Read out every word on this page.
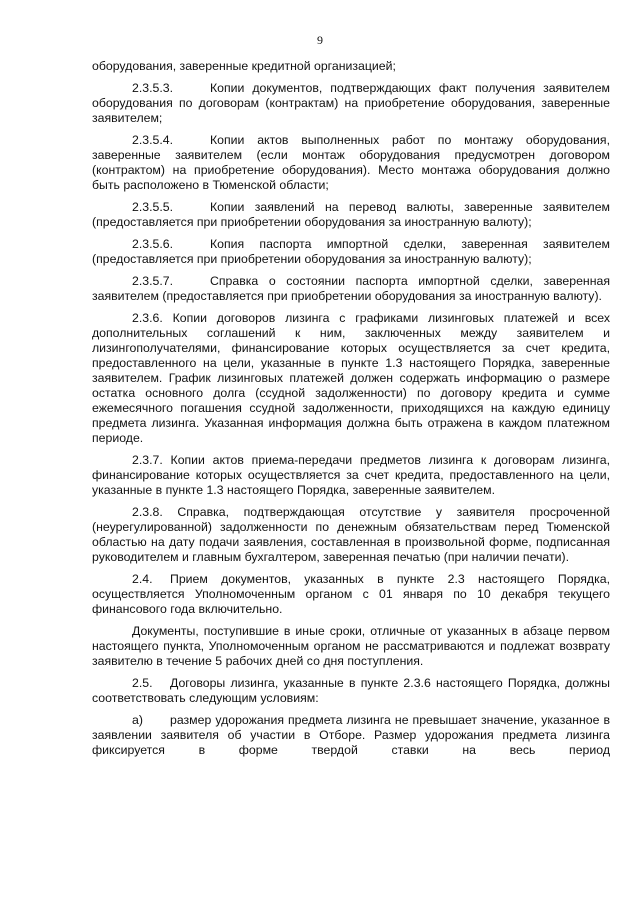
9

оборудования, заверенные кредитной организацией;

2.3.5.3.	Копии документов, подтверждающих факт получения заявителем оборудования по договорам (контрактам) на приобретение оборудования, заверенные заявителем;

2.3.5.4.	Копии актов выполненных работ по монтажу оборудования, заверенные заявителем (если монтаж оборудования предусмотрен договором (контрактом) на приобретение оборудования). Место монтажа оборудования должно быть расположено в Тюменской области;

2.3.5.5.	Копии заявлений на перевод валюты, заверенные заявителем (предоставляется при приобретении оборудования за иностранную валюту);

2.3.5.6.	Копия паспорта импортной сделки, заверенная заявителем (предоставляется при приобретении оборудования за иностранную валюту);

2.3.5.7.	Справка о состоянии паспорта импортной сделки, заверенная заявителем (предоставляется при приобретении оборудования за иностранную валюту).

2.3.6. Копии договоров лизинга с графиками лизинговых платежей и всех дополнительных соглашений к ним, заключенных между заявителем и лизингополучателями, финансирование которых осуществляется за счет кредита, предоставленного на цели, указанные в пункте 1.3 настоящего Порядка, заверенные заявителем. График лизинговых платежей должен содержать информацию о размере остатка основного долга (ссудной задолженности) по договору кредита и сумме ежемесячного погашения ссудной задолженности, приходящихся на каждую единицу предмета лизинга. Указанная информация должна быть отражена в каждом платежном периоде.

2.3.7. Копии актов приема-передачи предметов лизинга к договорам лизинга, финансирование которых осуществляется за счет кредита, предоставленного на цели, указанные в пункте 1.3 настоящего Порядка, заверенные заявителем.

2.3.8. Справка, подтверждающая отсутствие у заявителя просроченной (неурегулированной) задолженности по денежным обязательствам перед Тюменской областью на дату подачи заявления, составленная в произвольной форме, подписанная руководителем и главным бухгалтером, заверенная печатью (при наличии печати).

2.4. Прием документов, указанных в пункте 2.3 настоящего Порядка, осуществляется Уполномоченным органом с 01 января по 10 декабря текущего финансового года включительно.

Документы, поступившие в иные сроки, отличные от указанных в абзаце первом настоящего пункта, Уполномоченным органом не рассматриваются и подлежат возврату заявителю в течение 5 рабочих дней со дня поступления.

2.5. Договоры лизинга, указанные в пункте 2.3.6 настоящего Порядка, должны соответствовать следующим условиям:

а) размер удорожания предмета лизинга не превышает значение, указанное в заявлении заявителя об участии в Отборе. Размер удорожания предмета лизинга фиксируется в форме твердой ставки на весь период
